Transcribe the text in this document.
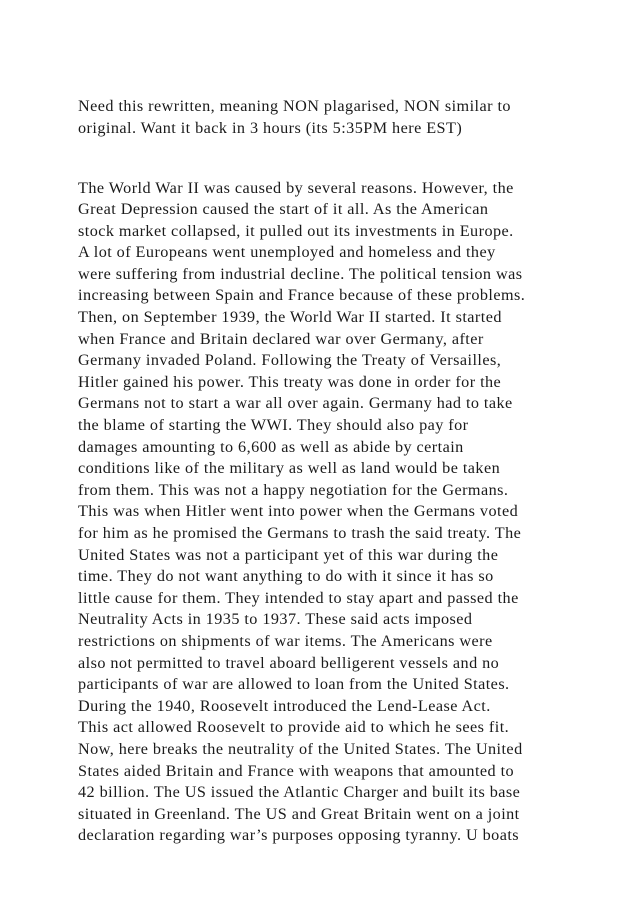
Need this rewritten, meaning NON plagarised, NON similar to
original. Want it back in 3 hours (its 5:35PM here EST)
The World War II was caused by several reasons. However, the
Great Depression caused the start of it all. As the American
stock market collapsed, it pulled out its investments in Europe.
A lot of Europeans went unemployed and homeless and they
were suffering from industrial decline. The political tension was
increasing between Spain and France because of these problems.
Then, on September 1939, the World War II started. It started
when France and Britain declared war over Germany, after
Germany invaded Poland. Following the Treaty of Versailles,
Hitler gained his power. This treaty was done in order for the
Germans not to start a war all over again. Germany had to take
the blame of starting the WWI. They should also pay for
damages amounting to 6,600 as well as abide by certain
conditions like of the military as well as land would be taken
from them. This was not a happy negotiation for the Germans.
This was when Hitler went into power when the Germans voted
for him as he promised the Germans to trash the said treaty. The
United States was not a participant yet of this war during the
time. They do not want anything to do with it since it has so
little cause for them. They intended to stay apart and passed the
Neutrality Acts in 1935 to 1937. These said acts imposed
restrictions on shipments of war items. The Americans were
also not permitted to travel aboard belligerent vessels and no
participants of war are allowed to loan from the United States.
During the 1940, Roosevelt introduced the Lend-Lease Act.
This act allowed Roosevelt to provide aid to which he sees fit.
Now, here breaks the neutrality of the United States. The United
States aided Britain and France with weapons that amounted to
42 billion. The US issued the Atlantic Charger and built its base
situated in Greenland. The US and Great Britain went on a joint
declaration regarding war’s purposes opposing tyranny. U boats
